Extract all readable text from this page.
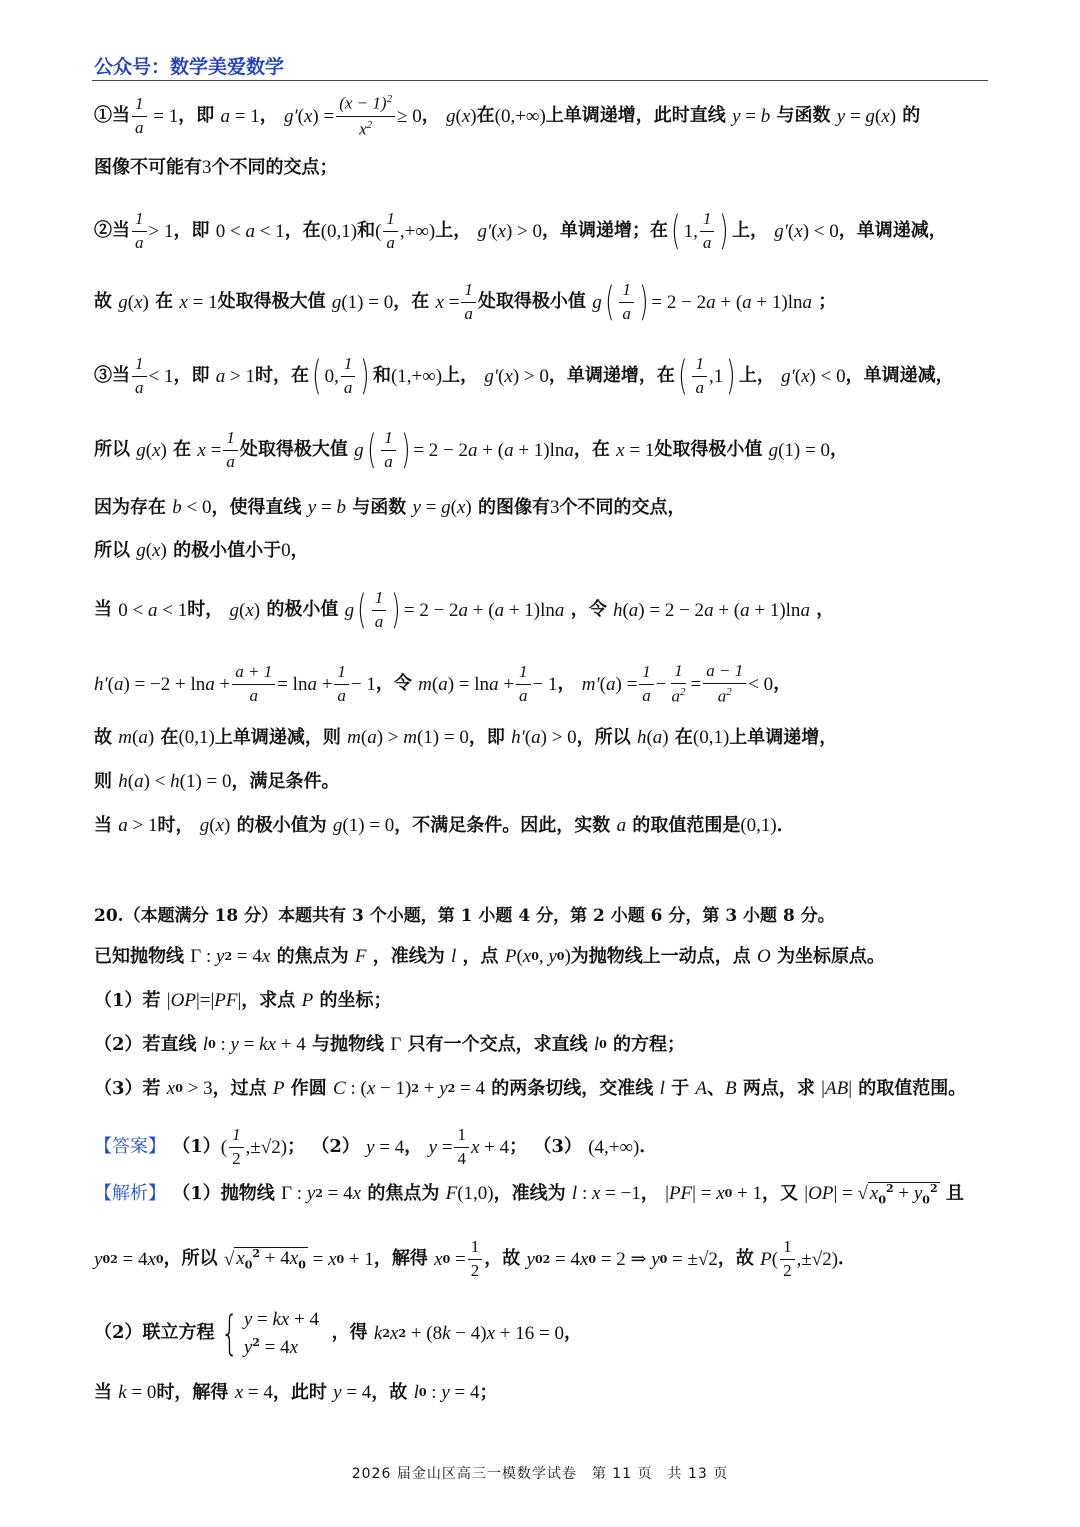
公众号：数学美爱数学
①当 $\frac{1}{a} = 1$ ，即 a = 1 ， g′ ( x ) = $\frac{(x - 1)^2}{x^2} \ge 0$ ， g ( x ) 在 (0,+∞) 上单调递增，此时直线 y = b 与函数 y = g ( x ) 的
图像不可能有 3 个不同的交点；
②当 $\frac{1}{a} > 1$ ，即 0 < a < 1 ，在 (0,1) 和 ( $\frac{1}{a}$ ,+∞) 上， g′ ( x ) > 0 ，单调递增；在 ( 1, $\frac{1}{a}$ ) 上， g′ ( x ) < 0 ，单调递减，
故 g ( x ) 在 x = 1 处取得极大值 g (1) = 0 ，在 $x = \frac{1}{a}$ 处取得极小值 g ( $\frac{1}{a}$ ) = 2 − 2 a + ( a + 1)ln a ；
③当 $\frac{1}{a} < 1$ ，即 a > 1 时，在 ( 0, $\frac{1}{a}$ ) 和 (1,+∞) 上， g′ ( x ) > 0 ，单调递增，在 ( $\frac{1}{a} ,1$ ) 上， g′ ( x ) < 0 ，单调递减，
所以 g ( x ) 在 $x = \frac{1}{a}$ 处取得极大值 g ( $\frac{1}{a}$ ) = 2 − 2 a + ( a + 1)ln a ，在 x = 1 处取得极小值 g (1) = 0 ，
因为存在 b < 0 ，使得直线 y = b 与函数 y = g ( x ) 的图像有 3 个不同的交点，
所以 g ( x ) 的极小值小于 0 ，
当 0 < a < 1 时， g ( x ) 的极小值 g ( $\frac{1}{a}$ ) = 2 − 2 a + ( a + 1)ln a ，令 h ( a ) = 2 − 2 a + ( a + 1)ln a ，
h′ ( a ) = $-2 + \ln a + \frac{a + 1}{a} = \ln a + \frac{1}{a} - 1$ ，令 m ( a ) = $\ln a + \frac{1}{a} - 1$ ， m′ ( a ) = $\frac{1}{a} - \frac{1}{a^2} = \frac{a - 1}{a^2} < 0$ ，
故 m ( a ) 在 (0,1) 上单调递减，则 m ( a ) > m (1) = 0 ，即 h′ ( a ) > 0 ，所以 h ( a ) 在 (0,1) 上单调递增，
则 h ( a ) < h (1) = 0 ，满足条件。
当 a > 1 时， g ( x ) 的极小值为 g (1) = 0 ，不满足条件。因此，实数 a 的取值范围是 (0,1) ．
20.（本题满分 18 分）本题共有 3 个小题，第 1 小题 4 分，第 2 小题 6 分，第 3 小题 8 分。
已知抛物线 Γ : y 2 = 4 x 的焦点为 F ，准线为 l ，点 P ( x 0 , y 0 ) 为抛物线上一动点，点 O 为坐标原点。
（1）若 | OP |=| PF | ，求点 P 的坐标；
（2）若直线 l 0 : y = kx + 4 与抛物线 Γ 只有一个交点，求直线 l 0 的方程；
（3）若 x 0 > 3 ，过点 P 作圆 C : ( x − 1) 2 + y 2 = 4 的两条切线，交准线 l 于 A 、 B 两点，求 | AB | 的取值范围。
【答案】 （1） ( $\frac{1}{2} ,\pm√2$) ； （2） y = 4 ， $y = \frac{1}{4}$ x + 4 ； （3） (4,+∞) ．
【解析】 （1）抛物线 Γ : y 2 = 4 x 的焦点为 F (1,0) ，准线为 l : x = −1 ， | PF | = x 0 + 1 ，又 | OP | = √ $x_0^2 + y_0^2$ 且
y 0 2 = 4 x 0 ，所以 √ $x_0^2 + 4x_0 = x$ 0 + 1 ，解得 x $0 = \frac{1}{2}$ ，故 y 0 2 = 4 x 0 = 2 ⇒ y 0 = ±√2 ，故 P ( $\frac{1}{2} ,\pm√2$) ．
（2）联立方程 { y = kx + 4
$y^2 = 4x$
，得 k 2 x 2 + (8 k − 4) x + 16 = 0 ，
当 k = 0 时，解得 x = 4 ，此时 y = 4 ，故 l 0 : y = 4 ；
2026 届金山区高三一模数学试卷　第 11 页　共 13 页
